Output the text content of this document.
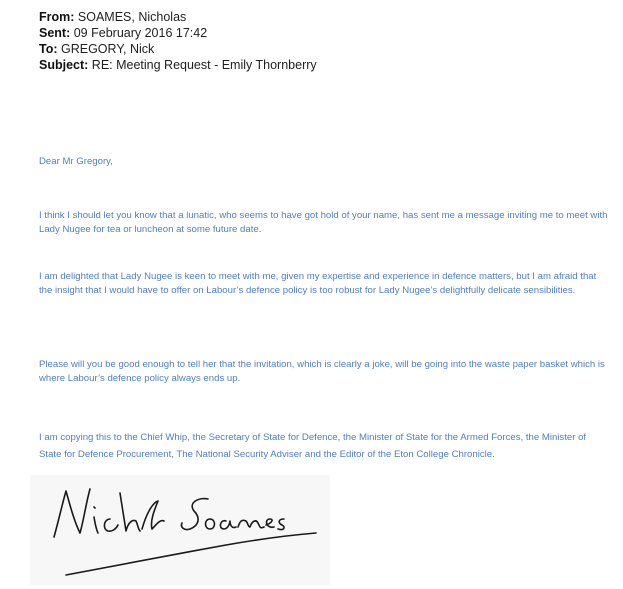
From: SOAMES, Nicholas
Sent: 09 February 2016 17:42
To: GREGORY, Nick
Subject: RE: Meeting Request - Emily Thornberry

Dear Mr Gregory,

I think I should let you know that a lunatic, who seems to have got hold of your name, has sent me a message inviting me to meet with Lady Nugee for tea or luncheon at some future date.

I am delighted that Lady Nugee is keen to meet with me, given my expertise and experience in defence matters, but I am afraid that the insight that I would have to offer on Labour’s defence policy is too robust for Lady Nugee’s delightfully delicate sensibilities.

Please will you be good enough to tell her that the invitation, which is clearly a joke, will be going into the waste paper basket which is where Labour’s defence policy always ends up.

I am copying this to the Chief Whip, the Secretary of State for Defence, the Minister of State for the Armed Forces, the Minister of State for Defence Procurement, The National Security Adviser and the Editor of the Eton College Chronicle.
